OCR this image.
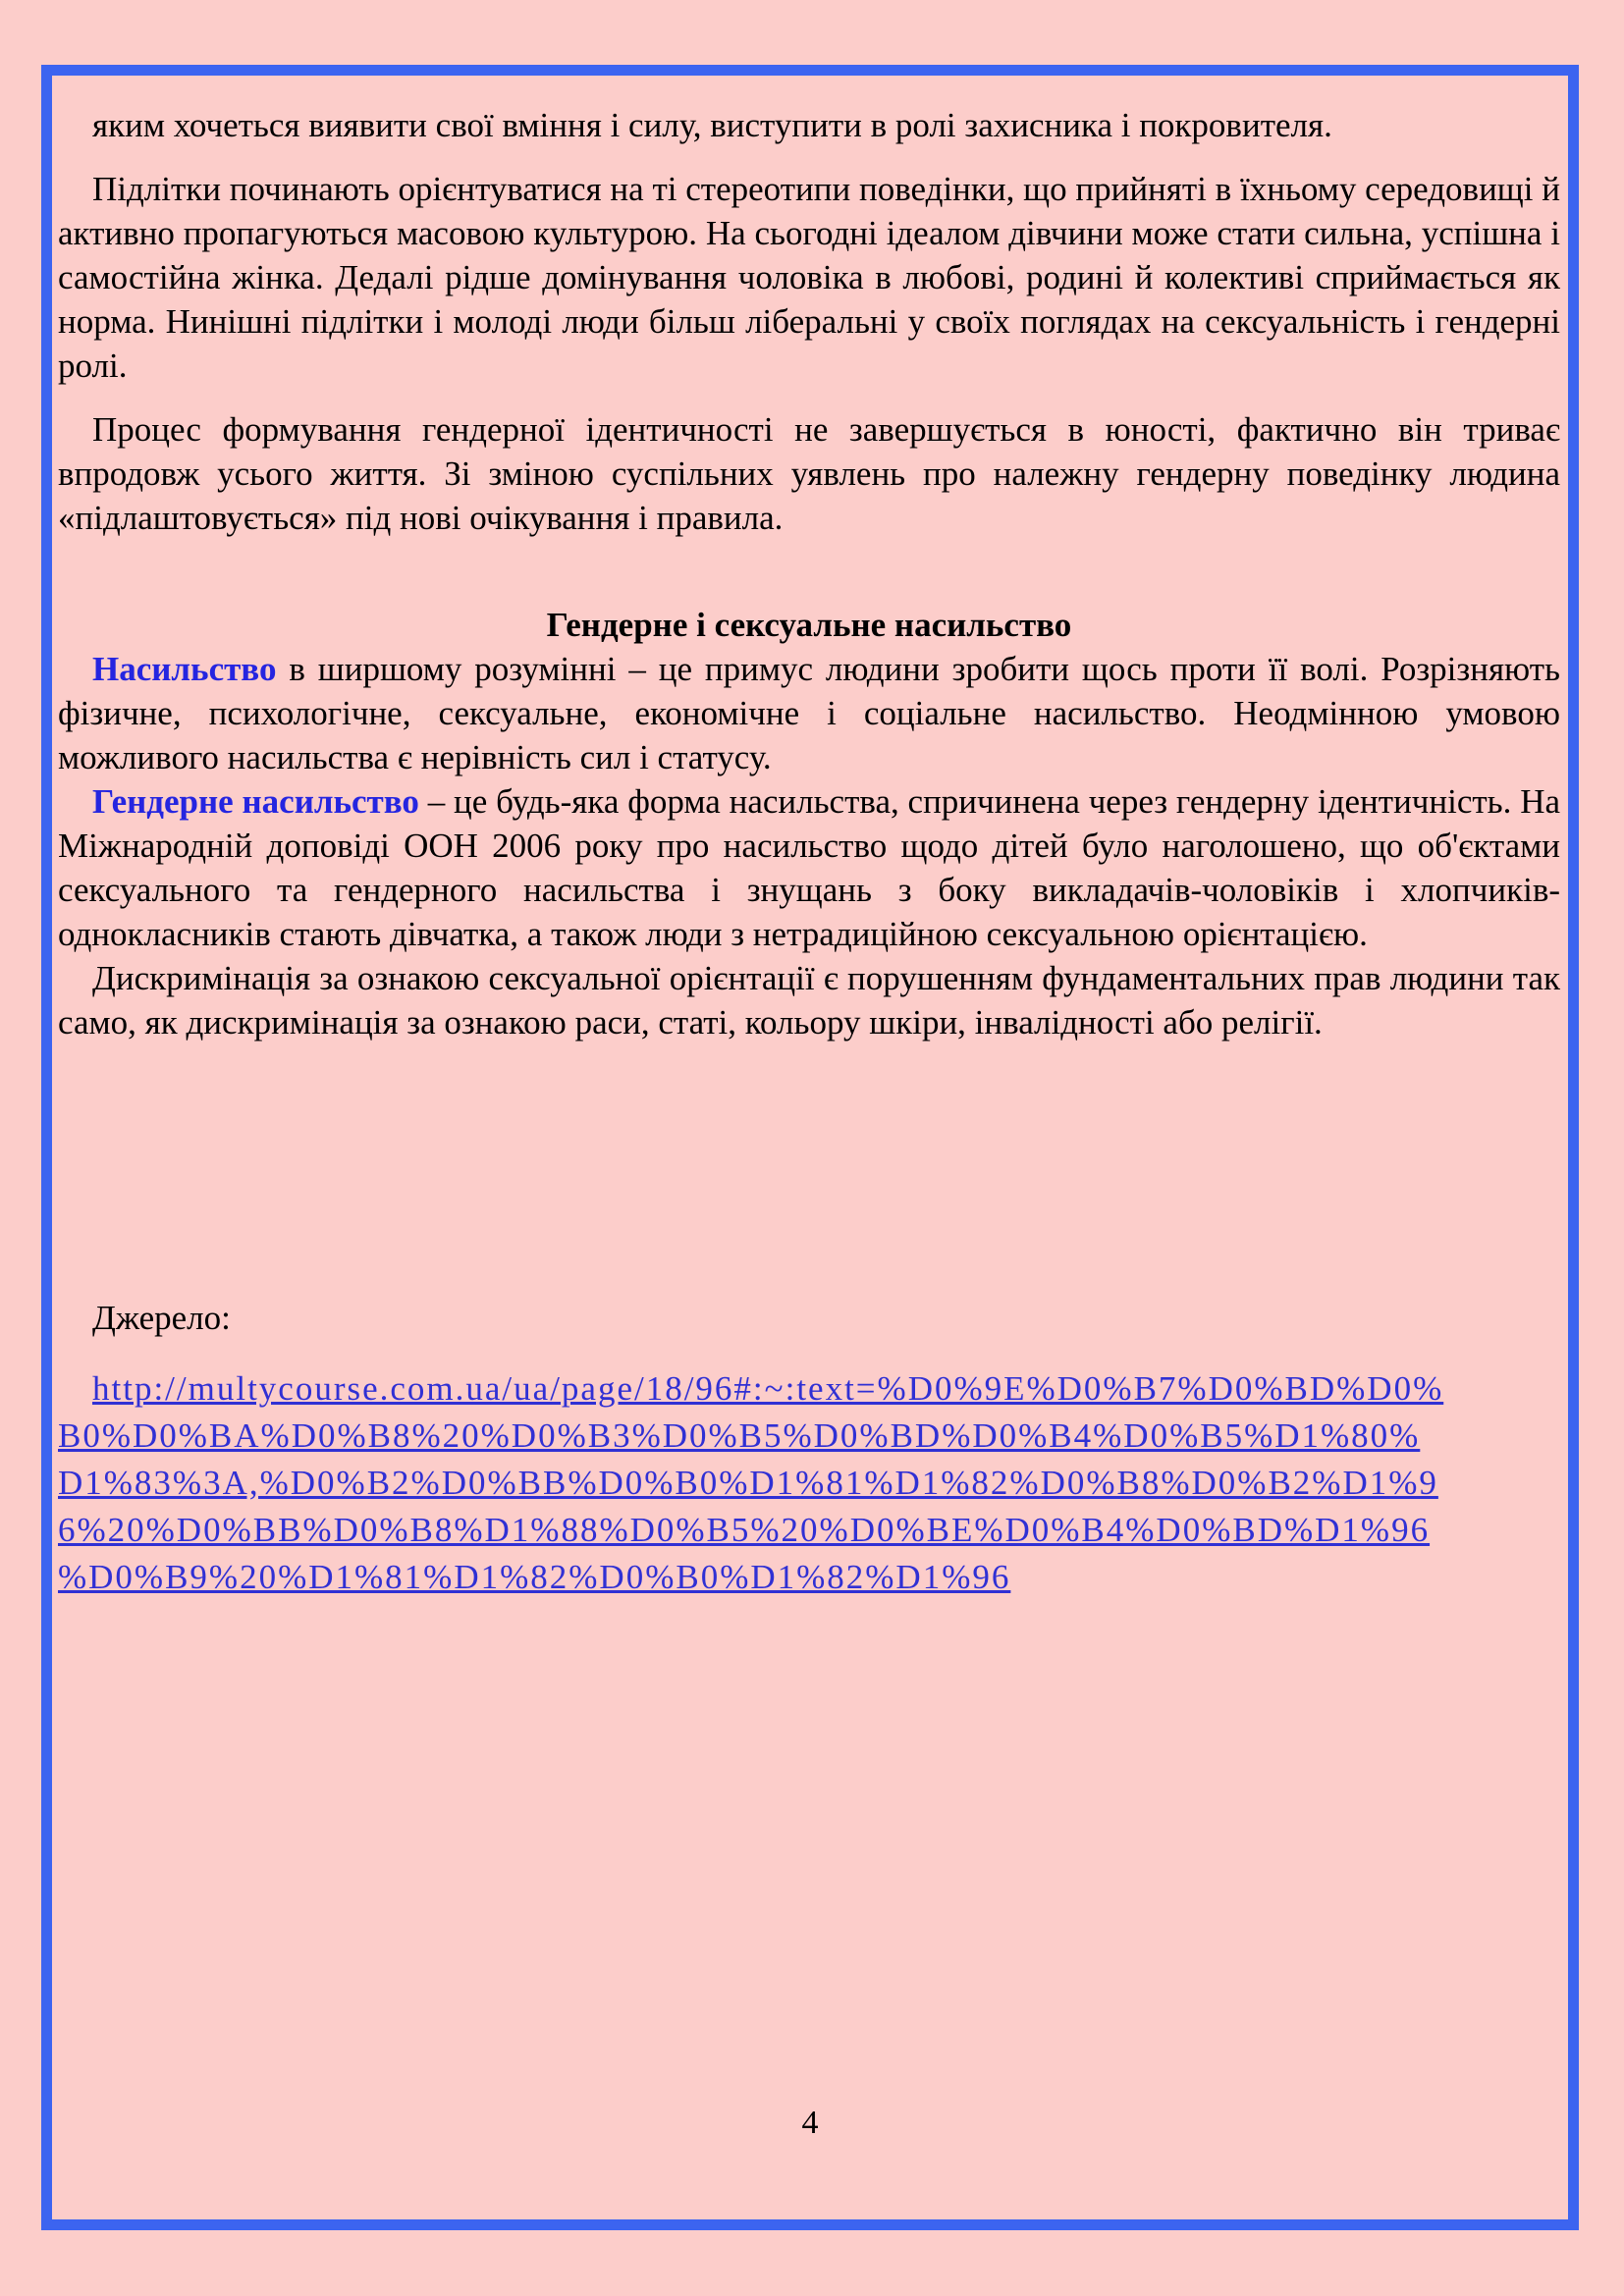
яким хочеться виявити свої вміння і силу, виступити в ролі захисника і покровителя.

Підлітки починають орієнтуватися на ті стереотипи поведінки, що прийняті в їхньому середовищі й активно пропагуються масовою культурою. На сьогодні ідеалом дівчини може стати сильна, успішна і самостійна жінка. Дедалі рідше домінування чоловіка в любові, родині й колективі сприймається як норма. Нинішні підлітки і молоді люди більш ліберальні у своїх поглядах на сексуальність і гендерні ролі.

Процес формування гендерної ідентичності не завершується в юності, фактично він триває впродовж усього життя. Зі зміною суспільних уявлень про належну гендерну поведінку людина «підлаштовується» під нові очікування і правила.

Гендерне і сексуальне насильство

Насильство в ширшому розумінні – це примус людини зробити щось проти її волі. Розрізняють фізичне, психологічне, сексуальне, економічне і соціальне насильство. Неодмінною умовою можливого насильства є нерівність сил і статусу.

Гендерне насильство – це будь-яка форма насильства, спричинена через гендерну ідентичність. На Міжнародній доповіді ООН 2006 року про насильство щодо дітей було наголошено, що об'єктами сексуального та гендерного насильства і знущань з боку викладачів-чоловіків і хлопчиків-однокласників стають дівчатка, а також люди з нетрадиційною сексуальною орієнтацією.

Дискримінація за ознакою сексуальної орієнтації є порушенням фундаментальних прав людини так само, як дискримінація за ознакою раси, статі, кольору шкіри, інвалідності або релігії.

Джерело:

http://multycourse.com.ua/ua/page/18/96#:~:text=%D0%9E%D0%B7%D0%BD%D0%
B0%D0%BA%D0%B8%20%D0%B3%D0%B5%D0%BD%D0%B4%D0%B5%D1%80%
D1%83%3A,%D0%B2%D0%BB%D0%B0%D1%81%D1%82%D0%B8%D0%B2%D1%9
6%20%D0%BB%D0%B8%D1%88%D0%B5%20%D0%BE%D0%B4%D0%BD%D1%96
%D0%B9%20%D1%81%D1%82%D0%B0%D1%82%D1%96
4
